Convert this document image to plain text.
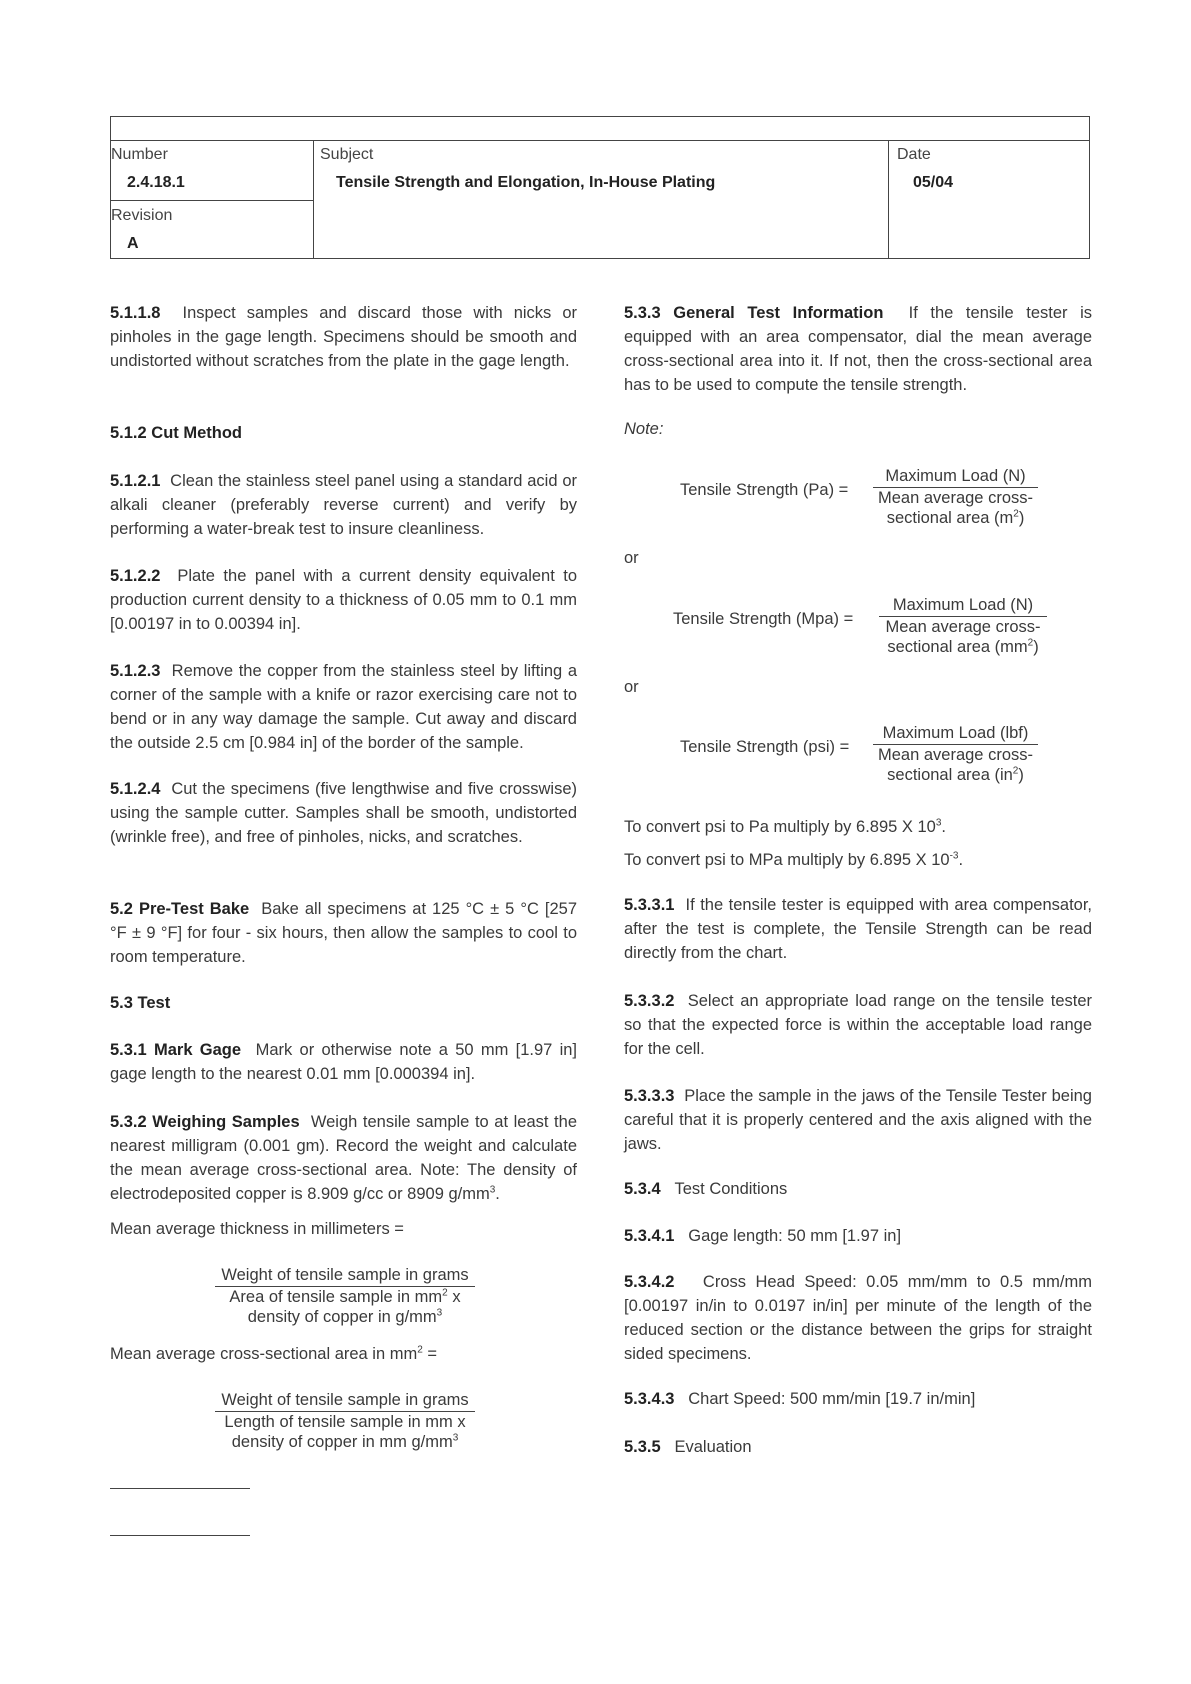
Number
2.4.18.1
Revision
A
Subject
Tensile Strength and Elongation, In-House Plating
Date
05/04
5.1.1.8 Inspect samples and discard those with nicks or pinholes in the gage length. Specimens should be smooth and undistorted without scratches from the plate in the gage length.
5.1.2 Cut Method
5.1.2.1 Clean the stainless steel panel using a standard acid or alkali cleaner (preferably reverse current) and verify by performing a water-break test to insure cleanliness.
5.1.2.2 Plate the panel with a current density equivalent to production current density to a thickness of 0.05 mm to 0.1 mm [0.00197 in to 0.00394 in].
5.1.2.3 Remove the copper from the stainless steel by lifting a corner of the sample with a knife or razor exercising care not to bend or in any way damage the sample. Cut away and discard the outside 2.5 cm [0.984 in] of the border of the sample.
5.1.2.4 Cut the specimens (five lengthwise and five crosswise) using the sample cutter. Samples shall be smooth, undistorted (wrinkle free), and free of pinholes, nicks, and scratches.
5.2 Pre-Test Bake Bake all specimens at 125 °C ± 5 °C [257 °F ± 9 °F] for four - six hours, then allow the samples to cool to room temperature.
5.3 Test
5.3.1 Mark Gage Mark or otherwise note a 50 mm [1.97 in] gage length to the nearest 0.01 mm [0.000394 in].
5.3.2 Weighing Samples Weigh tensile sample to at least the nearest milligram (0.001 gm). Record the weight and calculate the mean average cross-sectional area. Note: The density of electrodeposited copper is 8.909 g/cc or 8909 $g/mm^3$.
Mean average thickness in millimeters =
Weight of tensile sample in grams
Area of tensile sample in $mm^2$ x
density of copper in $g/mm^3$
Mean average cross-sectional area in $mm^2$ =
Weight of tensile sample in grams
Length of tensile sample in mm x
density of copper in mm $g/mm^3$
5.3.3 General Test Information If the tensile tester is equipped with an area compensator, dial the mean average cross-sectional area into it. If not, then the cross-sectional area has to be used to compute the tensile strength.
Note:
Tensile Strength (Pa) =
Maximum Load (N)
Mean average cross-
sectional area $(m^2)$
or
Tensile Strength (Mpa) =
Maximum Load (N)
Mean average cross-
sectional area $(mm^2)$
or
Tensile Strength (psi) =
Maximum Load (lbf)
Mean average cross-
sectional area $(in^2)$
To convert psi to Pa multiply by 6.895 X $10^3$.
To convert psi to MPa multiply by 6.895 X $10^{-3}$.
5.3.3.1 If the tensile tester is equipped with area compensator, after the test is complete, the Tensile Strength can be read directly from the chart.
5.3.3.2 Select an appropriate load range on the tensile tester so that the expected force is within the acceptable load range for the cell.
5.3.3.3 Place the sample in the jaws of the Tensile Tester being careful that it is properly centered and the axis aligned with the jaws.
5.3.4 Test Conditions
5.3.4.1 Gage length: 50 mm [1.97 in]
5.3.4.2 Cross Head Speed: 0.05 mm/mm to 0.5 mm/mm [0.00197 in/in to 0.0197 in/in] per minute of the length of the reduced section or the distance between the grips for straight sided specimens.
5.3.4.3 Chart Speed: 500 mm/min [19.7 in/min]
5.3.5 Evaluation
